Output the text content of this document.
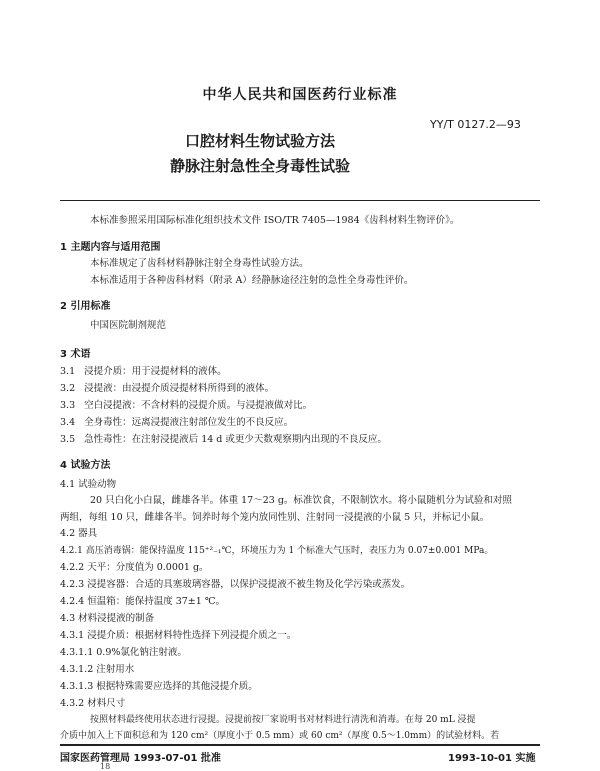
中华人民共和国医药行业标准
YY/T 0127.2—93
口腔材料生物试验方法
静脉注射急性全身毒性试验
本标准参照采用国际标准化组织技术文件 ISO/TR 7405—1984《齿科材料生物评价》。
1 主题内容与适用范围
本标准规定了齿科材料静脉注射全身毒性试验方法。
本标准适用于各种齿科材料（附录 A）经静脉途径注射的急性全身毒性评价。
2 引用标准
中国医院制剂规范
3 术语
3.1 浸提介质：用于浸提材料的液体。
3.2 浸提液：由浸提介质浸提材料所得到的液体。
3.3 空白浸提液：不含材料的浸提介质。与浸提液做对比。
3.4 全身毒性：远离浸提液注射部位发生的不良反应。
3.5 急性毒性：在注射浸提液后 14 d 或更少天数观察期内出现的不良反应。
4 试验方法
4.1 试验动物
20 只白化小白鼠，雌雄各半。体重 17～23 g。标准饮食，不限制饮水。将小鼠随机分为试验和对照
两组，每组 10 只，雌雄各半。饲养时每个笼内放同性别、注射同一浸提液的小鼠 5 只，并标记小鼠。
4.2 器具
4.2.1 高压消毒锅：能保持温度 115⁺²₋₁℃，环境压力为 1 个标准大气压时，表压力为 0.07±0.001 MPa。
4.2.2 天平：分度值为 0.0001 g。
4.2.3 浸提容器：合适的具塞玻璃容器，以保护浸提液不被生物及化学污染或蒸发。
4.2.4 恒温箱：能保持温度 37±1 ℃。
4.3 材料浸提液的制备
4.3.1 浸提介质：根据材料特性选择下列浸提介质之一。
4.3.1.1 0.9%氯化钠注射液。
4.3.1.2 注射用水
4.3.1.3 根据特殊需要应选择的其他浸提介质。
4.3.2 材料尺寸
按照材料最终使用状态进行浸提。浸提前按厂家说明书对材料进行清洗和消毒。在每 20 mL 浸提
介质中加入上下面积总和为 120 cm²（厚度小于 0.5 mm）或 60 cm²（厚度 0.5～1.0mm）的试验材料。若
国家医药管理局 1993-07-01 批准	1993-10-01 实施
18
